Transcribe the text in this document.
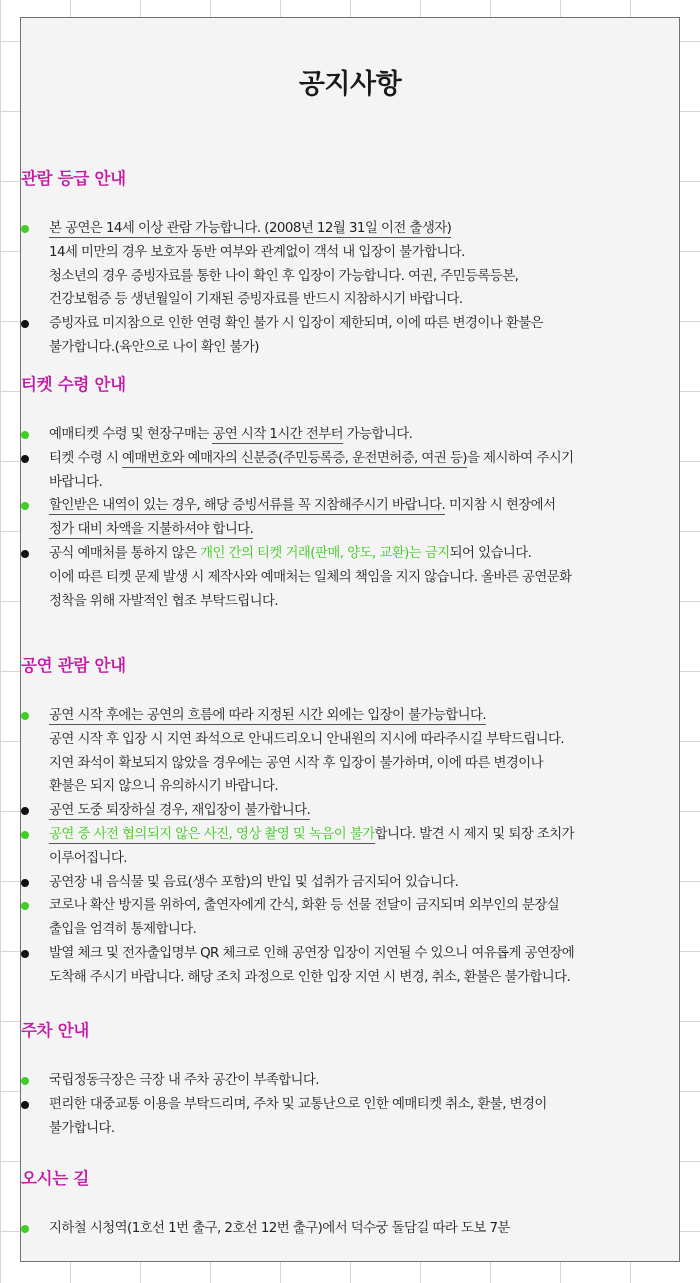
공지사항
관람 등급 안내
본 공연은 14세 이상 관람 가능합니다. (2008년 12월 31일 이전 출생자)
14세 미만의 경우 보호자 동반 여부와 관계없이 객석 내 입장이 불가합니다.
청소년의 경우 증빙자료를 통한 나이 확인 후 입장이 가능합니다. 여권, 주민등록등본,
건강보험증 등 생년월일이 기재된 증빙자료를 반드시 지참하시기 바랍니다.
증빙자료 미지참으로 인한 연령 확인 불가 시 입장이 제한되며, 이에 따른 변경이나 환불은
불가합니다.(육안으로 나이 확인 불가)
티켓 수령 안내
예매티켓 수령 및 현장구매는 공연 시작 1시간 전부터 가능합니다.
티켓 수령 시 예매번호와 예매자의 신분증(주민등록증, 운전면허증, 여권 등)을 제시하여 주시기
바랍니다.
할인받은 내역이 있는 경우, 해당 증빙서류를 꼭 지참해주시기 바랍니다. 미지참 시 현장에서
정가 대비 차액을 지불하셔야 합니다.
공식 예매처를 통하지 않은 개인 간의 티켓 거래(판매, 양도, 교환)는 금지되어 있습니다.
이에 따른 티켓 문제 발생 시 제작사와 예매처는 일체의 책임을 지지 않습니다. 올바른 공연문화
정착을 위해 자발적인 협조 부탁드립니다.
공연 관람 안내
공연 시작 후에는 공연의 흐름에 따라 지정된 시간 외에는 입장이 불가능합니다.
공연 시작 후 입장 시 지연 좌석으로 안내드리오니 안내원의 지시에 따라주시길 부탁드립니다.
지연 좌석이 확보되지 않았을 경우에는 공연 시작 후 입장이 불가하며, 이에 따른 변경이나
환불은 되지 않으니 유의하시기 바랍니다.
공연 도중 퇴장하실 경우, 재입장이 불가합니다.
공연 중 사전 협의되지 않은 사진, 영상 촬영 및 녹음이 불가합니다. 발견 시 제지 및 퇴장 조치가
이루어집니다.
공연장 내 음식물 및 음료(생수 포함)의 반입 및 섭취가 금지되어 있습니다.
코로나 확산 방지를 위하여, 출연자에게 간식, 화환 등 선물 전달이 금지되며 외부인의 분장실
출입을 엄격히 통제합니다.
발열 체크 및 전자출입명부 QR 체크로 인해 공연장 입장이 지연될 수 있으니 여유롭게 공연장에
도착해 주시기 바랍니다. 해당 조치 과정으로 인한 입장 지연 시 변경, 취소, 환불은 불가합니다.
주차 안내
국립정동극장은 극장 내 주차 공간이 부족합니다.
편리한 대중교통 이용을 부탁드리며, 주차 및 교통난으로 인한 예매티켓 취소, 환불, 변경이
불가합니다.
오시는 길
지하철 시청역(1호선 1번 출구, 2호선 12번 출구)에서 덕수궁 돌담길 따라 도보 7분
